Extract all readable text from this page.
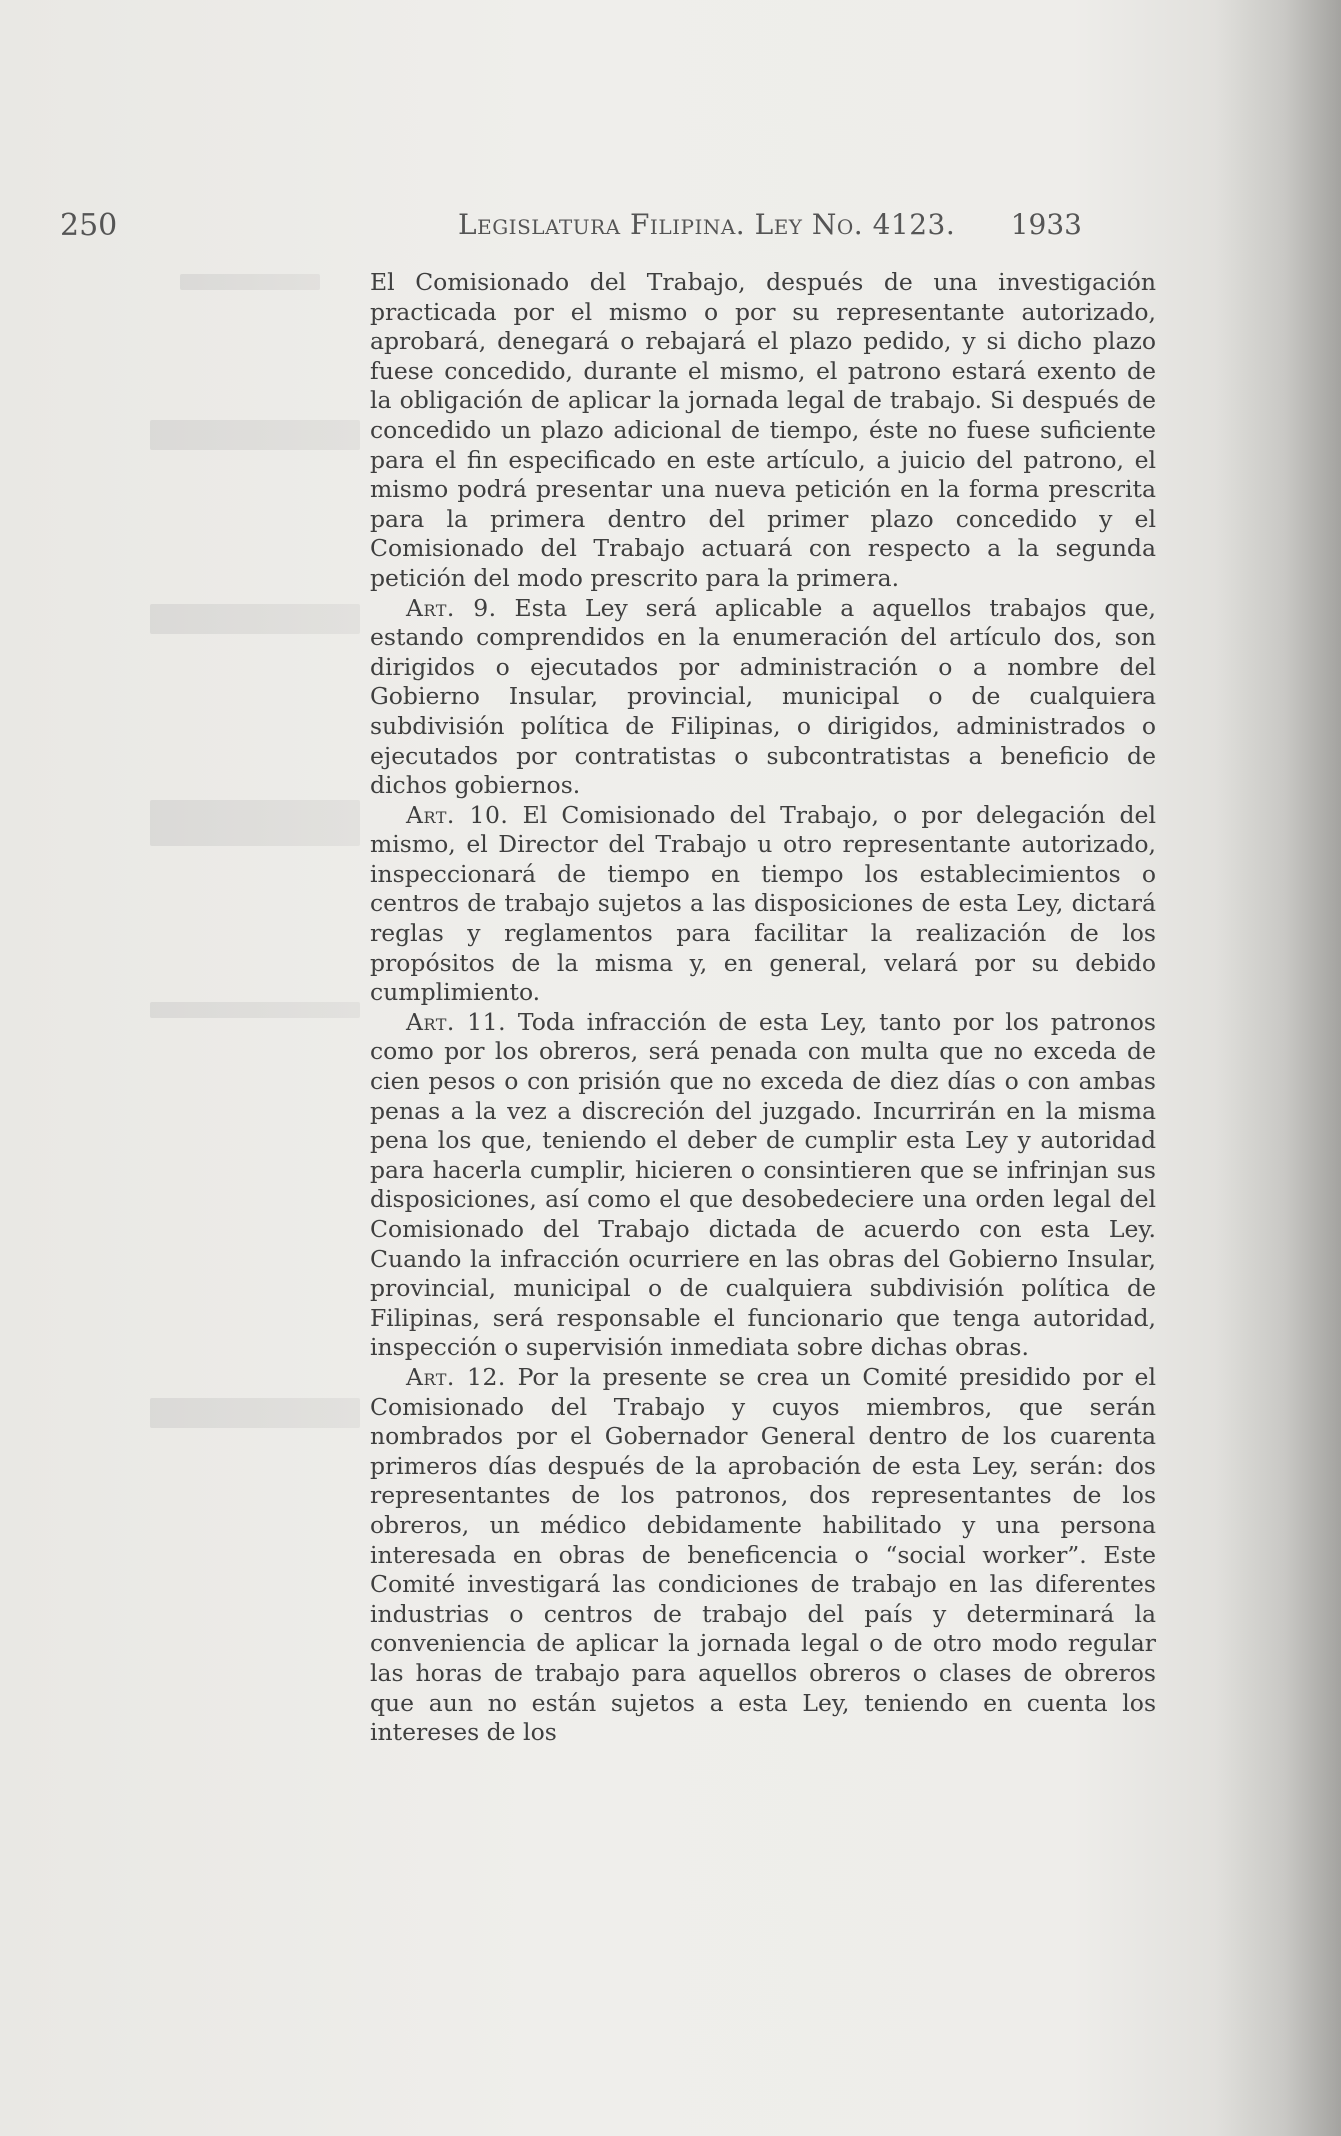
250	Legislatura Filipina. Ley No. 4123. 1933

El Comisionado del Trabajo, después de una investigación practicada por el mismo o por su representante autorizado, aprobará, denegará o rebajará el plazo pedido, y si dicho plazo fuese concedido, durante el mismo, el patrono estará exento de la obligación de aplicar la jornada legal de trabajo. Si después de concedido un plazo adicional de tiempo, éste no fuese suficiente para el fin especificado en este artículo, a juicio del patrono, el mismo podrá presentar una nueva petición en la forma prescrita para la primera dentro del primer plazo concedido y el Comisionado del Trabajo actuará con respecto a la segunda petición del modo prescrito para la primera.

Art. 9. Esta Ley será aplicable a aquellos trabajos que, estando comprendidos en la enumeración del artículo dos, son dirigidos o ejecutados por administración o a nombre del Gobierno Insular, provincial, municipal o de cualquiera subdivisión política de Filipinas, o dirigidos, administrados o ejecutados por contratistas o subcontratistas a beneficio de dichos gobiernos.

Art. 10. El Comisionado del Trabajo, o por delegación del mismo, el Director del Trabajo u otro representante autorizado, inspeccionará de tiempo en tiempo los establecimientos o centros de trabajo sujetos a las disposiciones de esta Ley, dictará reglas y reglamentos para facilitar la realización de los propósitos de la misma y, en general, velará por su debido cumplimiento.

Art. 11. Toda infracción de esta Ley, tanto por los patronos como por los obreros, será penada con multa que no exceda de cien pesos o con prisión que no exceda de diez días o con ambas penas a la vez a discreción del juzgado. Incurrirán en la misma pena los que, teniendo el deber de cumplir esta Ley y autoridad para hacerla cumplir, hicieren o consintieren que se infrinjan sus disposiciones, así como el que desobedeciere una orden legal del Comisionado del Trabajo dictada de acuerdo con esta Ley. Cuando la infracción ocurriere en las obras del Gobierno Insular, provincial, municipal o de cualquiera subdivisión política de Filipinas, será responsable el funcionario que tenga autoridad, inspección o supervisión inmediata sobre dichas obras.

Art. 12. Por la presente se crea un Comité presidido por el Comisionado del Trabajo y cuyos miembros, que serán nombrados por el Gobernador General dentro de los cuarenta primeros días después de la aprobación de esta Ley, serán: dos representantes de los patronos, dos representantes de los obreros, un médico debidamente habilitado y una persona interesada en obras de beneficencia o “social worker”. Este Comité investigará las condiciones de trabajo en las diferentes industrias o centros de trabajo del país y determinará la conveniencia de aplicar la jornada legal o de otro modo regular las horas de trabajo para aquellos obreros o clases de obreros que aun no están sujetos a esta Ley, teniendo en cuenta los intereses de los
